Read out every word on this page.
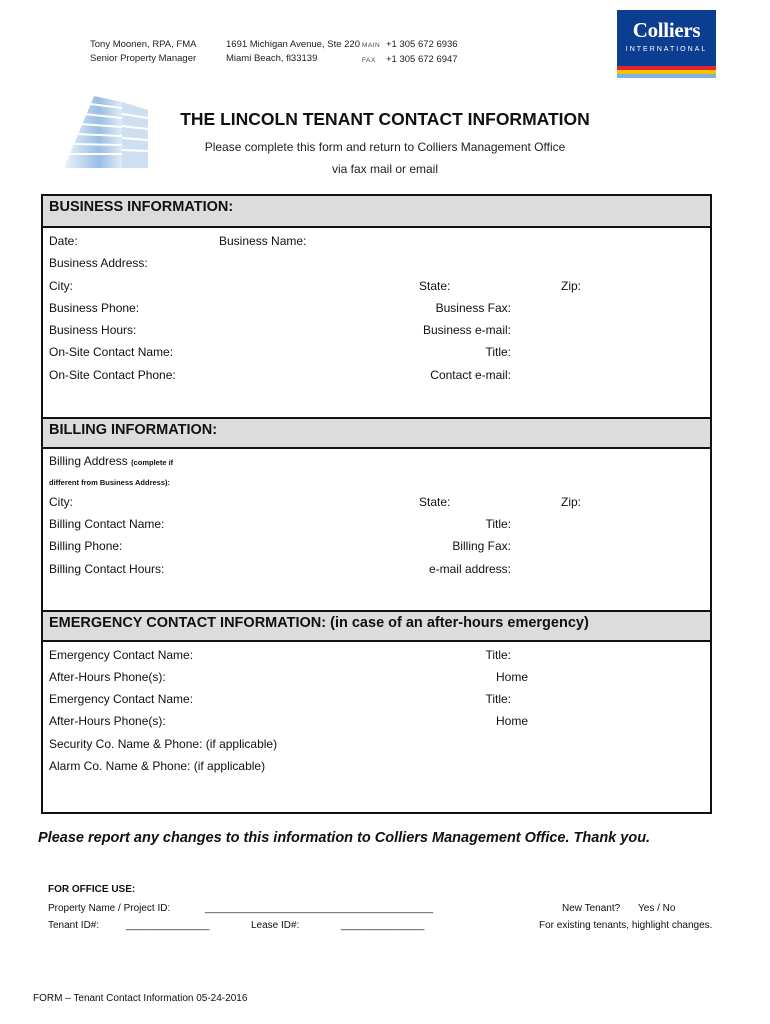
Tony Moonen, RPA, FMA
Senior Property Manager
1691 Michigan Avenue, Ste 220
Miami Beach, fl33139
MAIN +1 305 672 6936
FAX +1 305 672 6947
Colliers
INTERNATIONAL
THE LINCOLN TENANT CONTACT INFORMATION
Please complete this form and return to Colliers Management Office
via fax mail or email
BUSINESS INFORMATION:
Date:	Business Name:
Business Address:
City:	State:	Zip:
Business Phone:	Business Fax:
Business Hours:	Business e-mail:
On-Site Contact Name:	Title:
On-Site Contact Phone:	Contact e-mail:
BILLING INFORMATION:
Billing Address (complete if
different from Business Address):
City:	State:	Zip:
Billing Contact Name:	Title:
Billing Phone:	Billing Fax:
Billing Contact Hours:	e-mail address:
EMERGENCY CONTACT INFORMATION: (in case of an after-hours emergency)
Emergency Contact Name:	Title:
After-Hours Phone(s):	Home
Emergency Contact Name:	Title:
After-Hours Phone(s):	Home
Security Co. Name & Phone: (if applicable)
Alarm Co. Name & Phone: (if applicable)
Please report any changes to this information to Colliers Management Office. Thank you.
FOR OFFICE USE:
Property Name / Project ID:	_________________________________________	New Tenant? Yes / No
Tenant ID#:	_______________	Lease ID#:	_______________	For existing tenants, highlight changes.
FORM – Tenant Contact Information 05-24-2016
